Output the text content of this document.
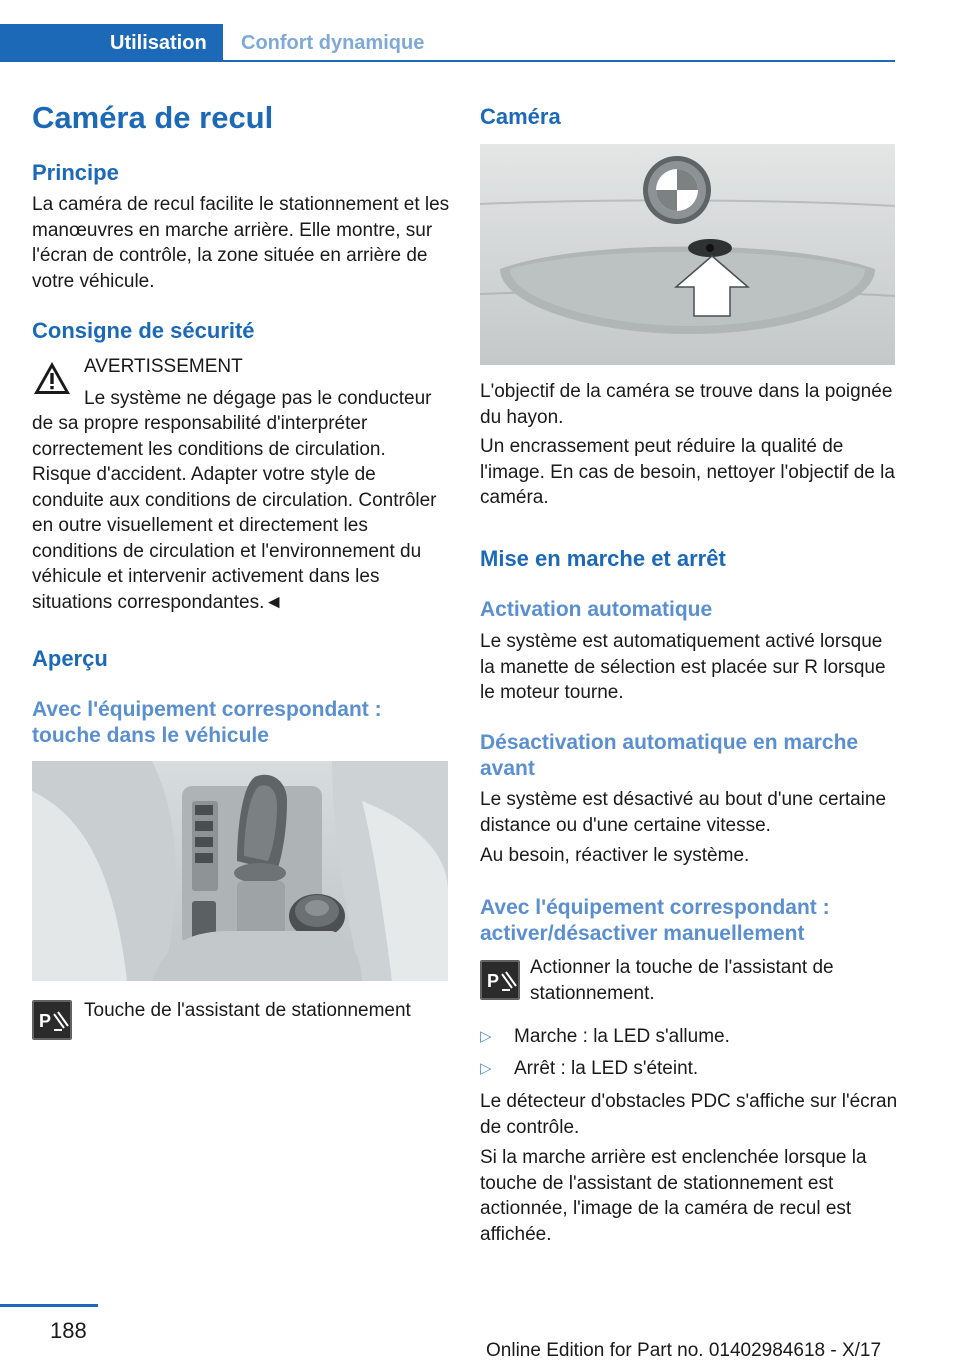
Utilisation	Confort dynamique
Caméra de recul
Principe
La caméra de recul facilite le stationnement et les manœuvres en marche arrière. Elle montre, sur l'écran de contrôle, la zone située en arrière de votre véhicule.
Consigne de sécurité
AVERTISSEMENT
Le système ne dégage pas le conducteur
de sa propre responsabilité d'interpréter correctement les conditions de circulation. Risque d'accident. Adapter votre style de conduite aux conditions de circulation. Contrôler en outre visuellement et directement les conditions de circulation et l'environnement du véhicule et intervenir activement dans les situations correspondantes.◄
Aperçu
Avec l'équipement correspondant : touche dans le véhicule
P Touche de l'assistant de stationnement
Caméra
L'objectif de la caméra se trouve dans la poignée du hayon.
Un encrassement peut réduire la qualité de l'image. En cas de besoin, nettoyer l'objectif de la caméra.
Mise en marche et arrêt
Activation automatique
Le système est automatiquement activé lorsque la manette de sélection est placée sur R lorsque le moteur tourne.
Désactivation automatique en marche avant
Le système est désactivé au bout d'une certaine distance ou d'une certaine vitesse.
Au besoin, réactiver le système.
Avec l'équipement correspondant : activer/désactiver manuellement
P
Actionner la touche de l'assistant de stationnement.
▷ Marche : la LED s'allume.
▷ Arrêt : la LED s'éteint.
Le détecteur d'obstacles PDC s'affiche sur l'écran de contrôle.
Si la marche arrière est enclenchée lorsque la touche de l'assistant de stationnement est actionnée, l'image de la caméra de recul est affichée.
188
Online Edition for Part no. 01402984618 - X/17
